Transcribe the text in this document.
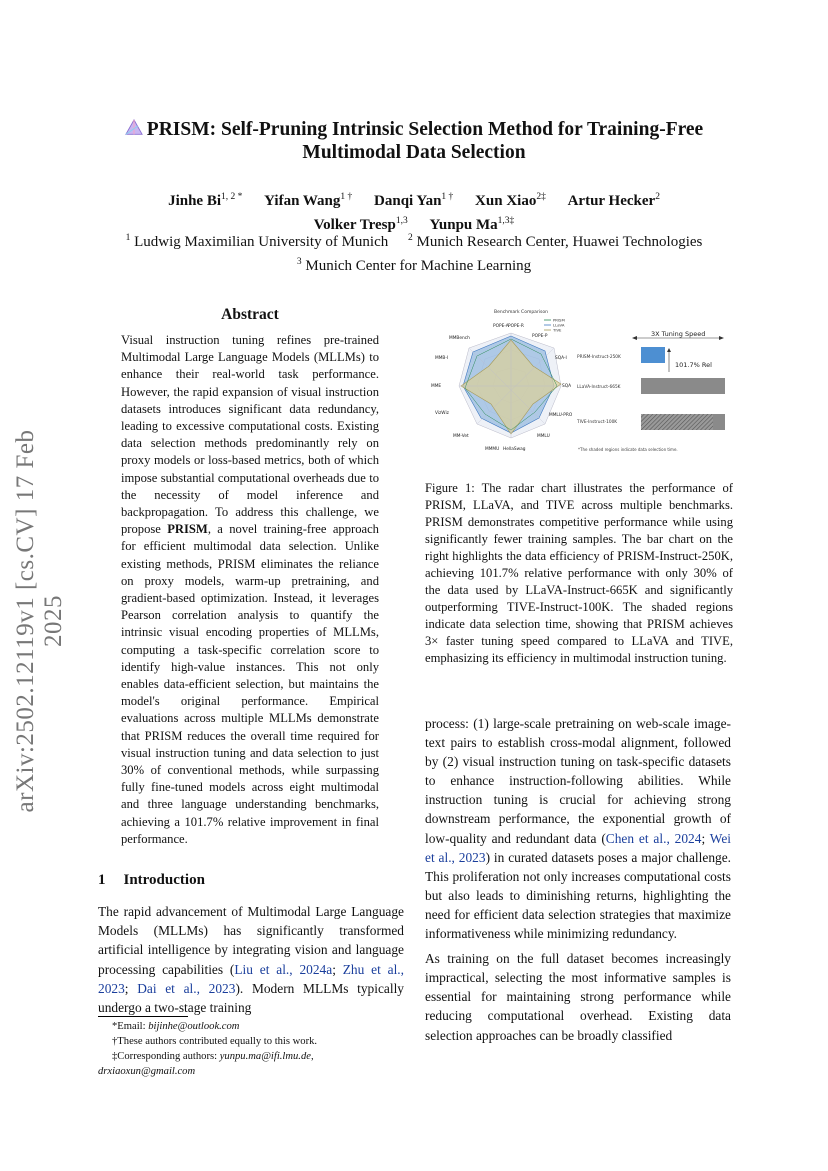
arXiv:2502.12119v1 [cs.CV] 17 Feb 2025
PRISM: Self-Pruning Intrinsic Selection Method for Training-Free
Multimodal Data Selection
Jinhe $Bi^{1, 2 *}$ Yifan Wang$^{1 \dagger}$ Danqi Yan$^{1 \dagger}$ Xun Xiao$^{2\ddagger}$ Artur Hecker$^2$
Volker Tresp$^{1,3}$ Yunpu $Ma^{1,3\ddagger}$
$^1$ Ludwig Maximilian University of Munich $^2$ Munich Research Center, Huawei Technologies
$^3$ Munich Center for Machine Learning
Abstract
Visual instruction tuning refines pre-trained Multimodal Large Language Models (MLLMs) to enhance their real-world task performance. However, the rapid expansion of visual instruction datasets introduces significant data redundancy, leading to excessive computational costs. Existing data selection methods predominantly rely on proxy models or loss-based metrics, both of which impose substantial computational overheads due to the necessity of model inference and backpropagation. To address this challenge, we propose PRISM, a novel training-free approach for efficient multimodal data selection. Unlike existing methods, PRISM eliminates the reliance on proxy models, warm-up pretraining, and gradient-based optimization. Instead, it leverages Pearson correlation analysis to quantify the intrinsic visual encoding properties of MLLMs, computing a task-specific correlation score to identify high-value instances. This not only enables data-efficient selection, but maintains the model's original performance. Empirical evaluations across multiple MLLMs demonstrate that PRISM reduces the overall time required for visual instruction tuning and data selection to just 30% of conventional methods, while surpassing fully fine-tuned models across eight multimodal and three language understanding benchmarks, achieving a 101.7% relative improvement in final performance.
1 Introduction
The rapid advancement of Multimodal Large Language Models (MLLMs) has significantly transformed artificial intelligence by integrating vision and language processing capabilities (Liu et al., 2024a; Zhu et al., 2023; Dai et al., 2023). Modern MLLMs typically undergo a two-stage training
*Email: bijinhe@outlook.com
†These authors contributed equally to this work.
‡Corresponding authors: yunpu.ma@ifi.lmu.de, drxiaoxun@gmail.com
Benchmark Comparison
POPE-A POPE-R
POPE-P
SQA-I
SQA
MMLU-PRO
MMLU
HellaSwag
MMMU
MM-Vet
VizWiz
MME
MMB-I
MMBench
PRISM
LLaVA
TIVE	3X Tuning Speed
PRISM-Instruct-250K
101.7% Rel
LLaVA-Instruct-665K
TIVE-Instruct-100K
*The shaded regions indicate data selection time.
Figure 1: The radar chart illustrates the performance of PRISM, LLaVA, and TIVE across multiple benchmarks. PRISM demonstrates competitive performance while using significantly fewer training samples. The bar chart on the right highlights the data efficiency of PRISM-Instruct-250K, achieving 101.7% relative performance with only 30% of the data used by LLaVA-Instruct-665K and significantly outperforming TIVE-Instruct-100K. The shaded regions indicate data selection time, showing that PRISM achieves 3× faster tuning speed compared to LLaVA and TIVE, emphasizing its efficiency in multimodal instruction tuning.

process: (1) large-scale pretraining on web-scale image-text pairs to establish cross-modal alignment, followed by (2) visual instruction tuning on task-specific datasets to enhance instruction-following abilities. While instruction tuning is crucial for achieving strong downstream performance, the exponential growth of low-quality and redundant data (Chen et al., 2024; Wei et al., 2023) in curated datasets poses a major challenge. This proliferation not only increases computational costs but also leads to diminishing returns, highlighting the need for efficient data selection strategies that maximize informativeness while minimizing redundancy.

As training on the full dataset becomes increasingly impractical, selecting the most informative samples is essential for maintaining strong performance while reducing computational overhead. Existing data selection approaches can be broadly classified
